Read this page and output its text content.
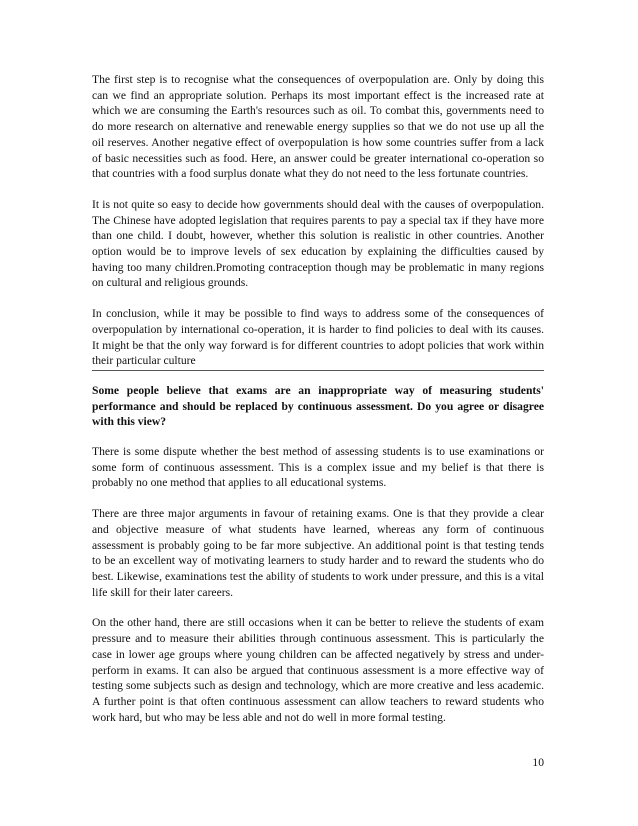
The first step is to recognise what the consequences of overpopulation are. Only by doing this can we find an appropriate solution. Perhaps its most important effect is the increased rate at which we are consuming the Earth's resources such as oil. To combat this, governments need to do more research on alternative and renewable energy supplies so that we do not use up all the oil reserves. Another negative effect of overpopulation is how some countries suffer from a lack of basic necessities such as food. Here, an answer could be greater international co-operation so that countries with a food surplus donate what they do not need to the less fortunate countries.

It is not quite so easy to decide how governments should deal with the causes of overpopulation. The Chinese have adopted legislation that requires parents to pay a special tax if they have more than one child. I doubt, however, whether this solution is realistic in other countries. Another option would be to improve levels of sex education by explaining the difficulties caused by having too many children.Promoting contraception though may be problematic in many regions on cultural and religious grounds.

In conclusion, while it may be possible to find ways to address some of the consequences of overpopulation by international co-operation, it is harder to find policies to deal with its causes. It might be that the only way forward is for different countries to adopt policies that work within their particular culture

Some people believe that exams are an inappropriate way of measuring students' performance and should be replaced by continuous assessment. Do you agree or disagree with this view?

There is some dispute whether the best method of assessing students is to use examinations or some form of continuous assessment. This is a complex issue and my belief is that there is probably no one method that applies to all educational systems.

There are three major arguments in favour of retaining exams. One is that they provide a clear and objective measure of what students have learned, whereas any form of continuous assessment is probably going to be far more subjective. An additional point is that testing tends to be an excellent way of motivating learners to study harder and to reward the students who do best. Likewise, examinations test the ability of students to work under pressure, and this is a vital life skill for their later careers.

On the other hand, there are still occasions when it can be better to relieve the students of exam pressure and to measure their abilities through continuous assessment. This is particularly the case in lower age groups where young children can be affected negatively by stress and under-perform in exams. It can also be argued that continuous assessment is a more effective way of testing some subjects such as design and technology, which are more creative and less academic. A further point is that often continuous assessment can allow teachers to reward students who work hard, but who may be less able and not do well in more formal testing.

10
